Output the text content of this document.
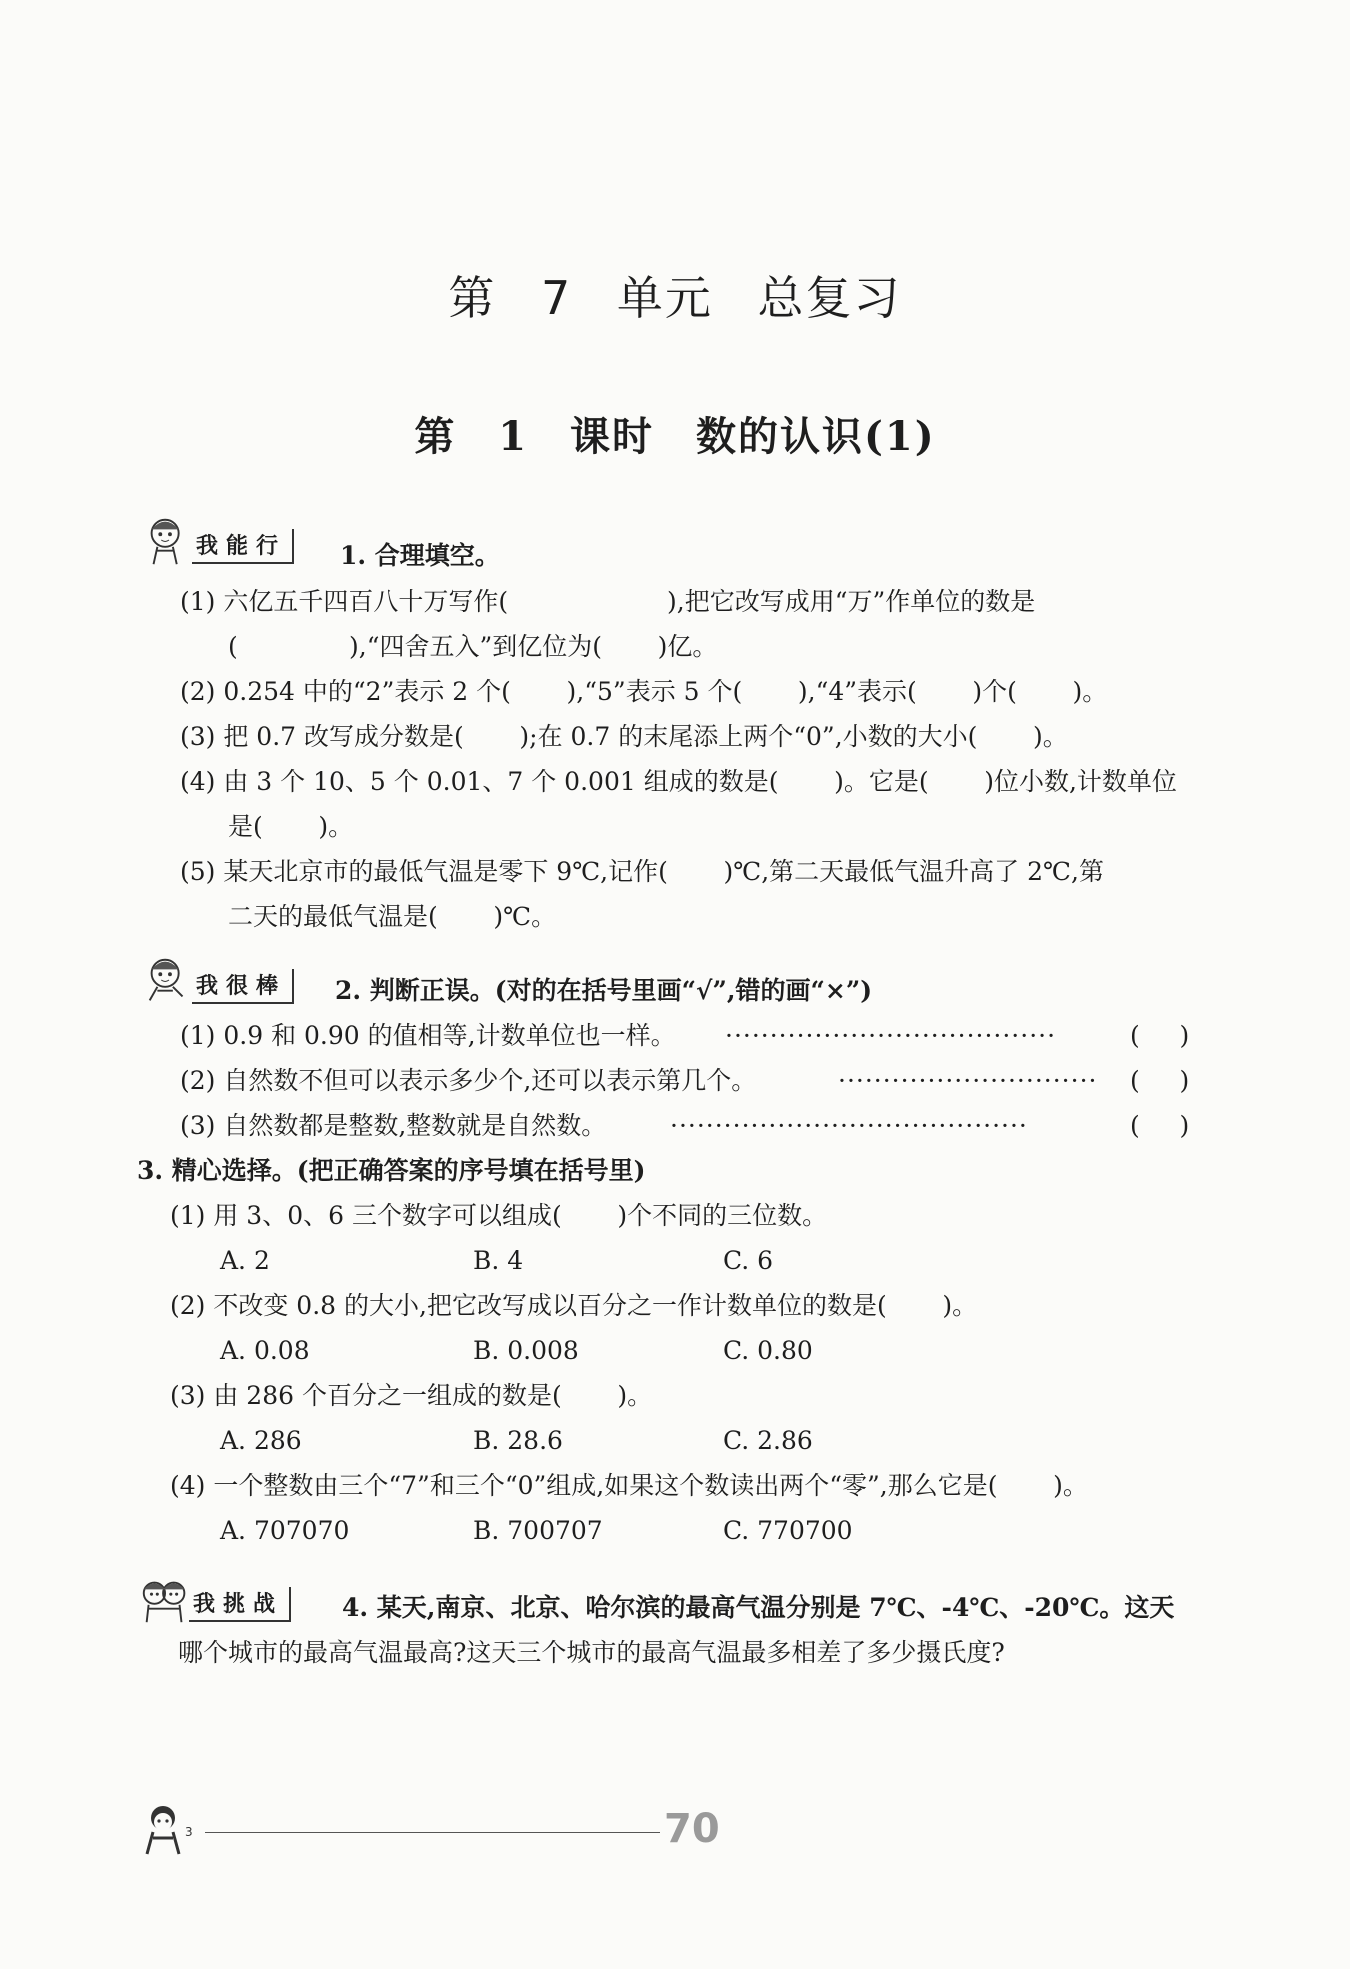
第 7 单元 总复习
第 1 课时 数的认识(1)
我能行	1. 合理填空。
(1) 六亿五千四百八十万写作(                    ),把它改写成用“万”作单位的数是
(              ),“四舍五入”到亿位为(       )亿。
(2) 0.254 中的“2”表示 2 个(       ),“5”表示 5 个(       ),“4”表示(       )个(       )。
(3) 把 0.7 改写成分数是(       );在 0.7 的末尾添上两个“0”,小数的大小(       )。
(4) 由 3 个 10、5 个 0.01、7 个 0.001 组成的数是(       )。它是(       )位小数,计数单位
是(       )。
(5) 某天北京市的最低气温是零下 9℃,记作(       )℃,第二天最低气温升高了 2℃,第
二天的最低气温是(       )℃。
我很棒	2. 判断正误。(对的在括号里画“√”,错的画“×”)
(1) 0.9 和 0.90 的值相等,计数单位也一样。 ·····································	(     )
(2) 自然数不但可以表示多少个,还可以表示第几个。	····························· (     )
(3) 自然数都是整数,整数就是自然数。	········································	(     )
3. 精心选择。(把正确答案的序号填在括号里)
(1) 用 3、0、6 三个数字可以组成(       )个不同的三位数。
A. 2	B. 4	C. 6
(2) 不改变 0.8 的大小,把它改写成以百分之一作计数单位的数是(       )。
A. 0.08	B. 0.008	C. 0.80
(3) 由 286 个百分之一组成的数是(       )。
A. 286	B. 28.6	C. 2.86
(4) 一个整数由三个“7”和三个“0”组成,如果这个数读出两个“零”,那么它是(       )。
A. 707070	B. 700707	C. 770700
我挑战	4. 某天,南京、北京、哈尔滨的最高气温分别是 7℃、-4℃、-20℃。这天
哪个城市的最高气温最高?这天三个城市的最高气温最多相差了多少摄氏度?
3	70
